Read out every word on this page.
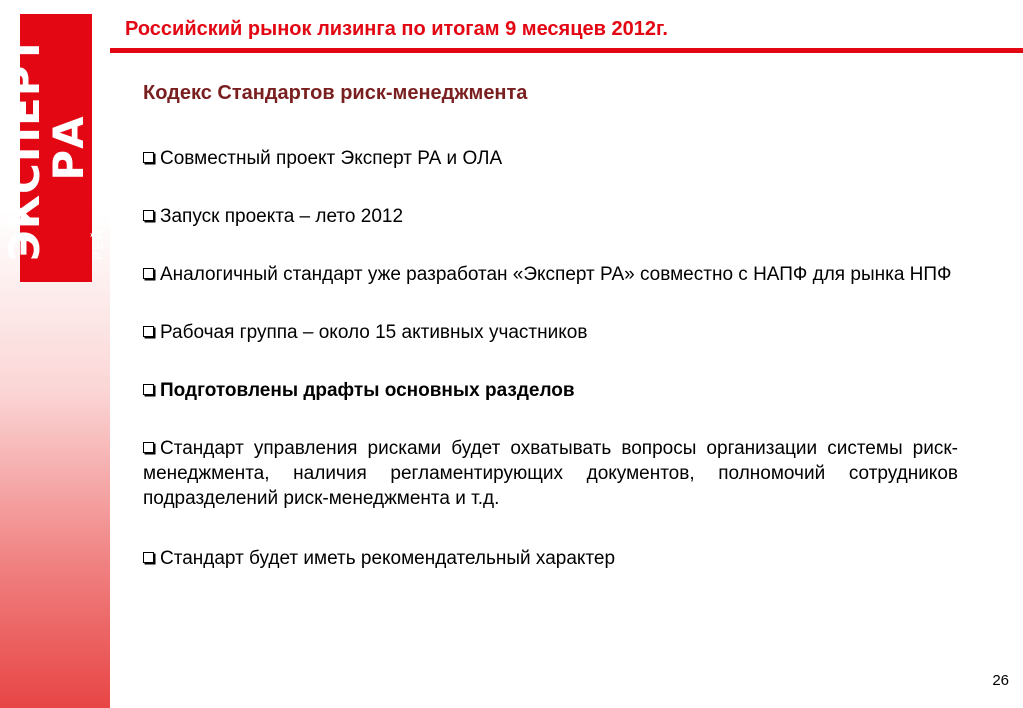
ЭКСПЕРТ РА РЕЙТИНГОВОЕ АГЕНТСТВО
Российский рынок лизинга по итогам 9 месяцев 2012г.
Кодекс Стандартов риск-менеджмента
Совместный проект Эксперт РА и ОЛА
Запуск проекта – лето 2012
Аналогичный стандарт уже разработан «Эксперт РА» совместно с НАПФ для рынка НПФ
Рабочая группа – около 15 активных участников
Подготовлены драфты основных разделов
Стандарт управления рисками будет охватывать вопросы организации системы риск-менеджмента, наличия регламентирующих документов, полномочий сотрудников подразделений риск-менеджмента и т.д.
Стандарт будет иметь рекомендательный характер
26
